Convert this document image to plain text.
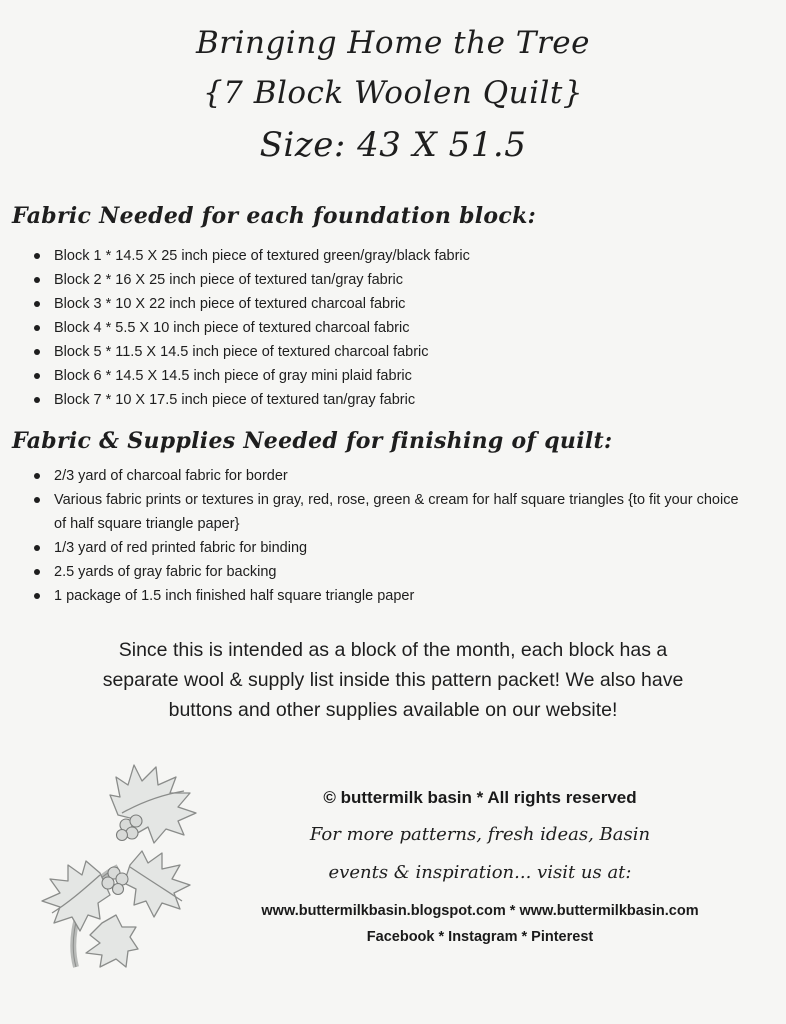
Bringing Home the Tree
{7 Block Woolen Quilt}
Size: 43 X 51.5
Fabric Needed for each foundation block:
Block 1 * 14.5 X 25 inch piece of textured green/gray/black fabric
Block 2 * 16 X 25 inch piece of textured tan/gray fabric
Block 3 * 10 X 22 inch piece of textured charcoal fabric
Block 4 * 5.5 X 10 inch piece of textured charcoal fabric
Block 5 * 11.5 X 14.5 inch piece of textured charcoal fabric
Block 6 * 14.5 X 14.5 inch piece of gray mini plaid fabric
Block 7 * 10 X 17.5 inch piece of textured tan/gray fabric
Fabric & Supplies Needed for finishing of quilt:
2/3 yard of charcoal fabric for border
Various fabric prints or textures in gray, red, rose, green & cream for half square triangles {to fit your choice of half square triangle paper}
1/3 yard of red printed fabric for binding
2.5 yards of gray fabric for backing
1 package of 1.5 inch finished half square triangle paper
Since this is intended as a block of the month, each block has a
separate wool & supply list inside this pattern packet! We also have
buttons and other supplies available on our website!
© buttermilk basin * All rights reserved
For more patterns, fresh ideas, Basin
events & inspiration... visit us at:
www.buttermilkbasin.blogspot.com * www.buttermilkbasin.com
Facebook * Instagram * Pinterest
